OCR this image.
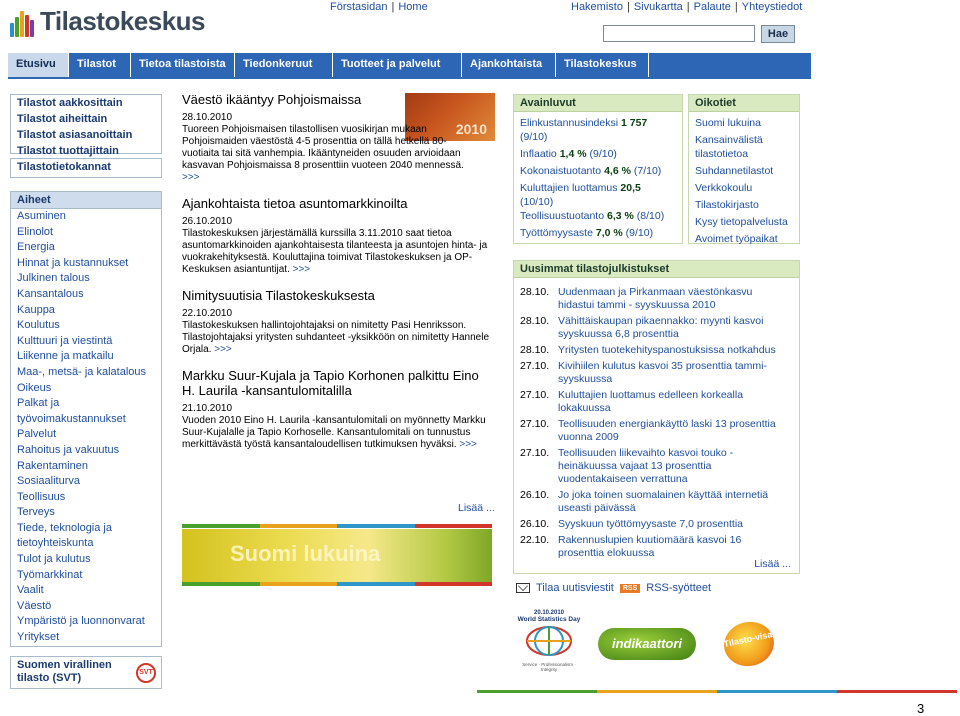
Tilastokeskus	Förstasidan | Home	Hakemisto | Sivukartta | Palaute | Yhteystiedot
Hae
Etusivu	Tilastot	Tietoa tilastoista	Tiedonkeruut	Tuotteet ja palvelut	Ajankohtaista	Tilastokeskus
Tilastot aakkosittain
Tilastot aiheittain
Tilastot asiasanoittain
Tilastot tuottajittain
Tilastotietokannat
Aiheet
Asuminen
Elinolot
Energia
Hinnat ja kustannukset
Julkinen talous
Kansantalous
Kauppa
Koulutus
Kulttuuri ja viestintä
Liikenne ja matkailu
Maa-, metsä- ja kalatalous
Oikeus
Palkat ja
työvoimakustannukset
Palvelut
Rahoitus ja vakuutus
Rakentaminen
Sosiaaliturva
Teollisuus
Terveys
Tiede, teknologia ja
tietoyhteiskunta
Tulot ja kulutus
Työmarkkinat
Vaalit
Väestö
Ympäristö ja luonnonvarat
Yritykset
Suomen virallinen
tilasto (SVT)	SVT
2010
Väestö ikääntyy Pohjoismaissa
28.10.2010

Tuoreen Pohjoismaisen tilastollisen vuosikirjan mukaan Pohjoismaiden väestöstä 4-5 prosenttia on tällä hetkellä 80-vuotiaita tai sitä vanhempia. Ikääntyneiden osuuden arvioidaan kasvavan Pohjoismaissa 8 prosenttiin vuoteen 2040 mennessä. >>>

Ajankohtaista tietoa asuntomarkkinoilta
26.10.2010

Tilastokeskuksen järjestämällä kurssilla 3.11.2010 saat tietoa asuntomarkkinoiden ajankohtaisesta tilanteesta ja asuntojen hinta- ja vuokrakehityksestä. Kouluttajina toimivat Tilastokeskuksen ja OP-Keskuksen asiantuntijat. >>>

Nimitysuutisia Tilastokeskuksesta
22.10.2010

Tilastokeskuksen hallintojohtajaksi on nimitetty Pasi Henriksson. Tilastojohtajaksi yritysten suhdanteet -yksikköön on nimitetty Hannele Orjala. >>>

Markku Suur-Kujala ja Tapio Korhonen palkittu Eino H. Laurila -kansantulomitalilla
21.10.2010

Vuoden 2010 Eino H. Laurila -kansantulomitali on myönnetty Markku Suur-Kujalalle ja Tapio Korhoselle. Kansantulomitali on tunnustus merkittävästä työstä kansantaloudellisen tutkimuksen hyväksi. >>>

Lisää ...
Suomi lukuina
Avainluvut
Elinkustannusindeksi 1 757 (9/10)
Inflaatio 1,4 % (9/10)
Kokonaistuotanto 4,6 % (7/10)
Kuluttajien luottamus 20,5 (10/10)
Teollisuustuotanto 6,3 % (8/10)
Työttömyysaste 7,0 % (9/10)
Oikotiet
Suomi lukuina
Kansainvälistä
tilastotietoa
Suhdannetilastot
Verkkokoulu
Tilastokirjasto
Kysy tietopalvelusta
Avoimet työpaikat
Uusimmat tilastojulkistukset
28.10. Uudenmaan ja Pirkanmaan väestönkasvu
hidastui tammi - syyskuussa 2010
28.10. Vähittäiskaupan pikaennakko: myynti kasvoi
syyskuussa 6,8 prosenttia
28.10. Yritysten tuotekehityspanostuksissa notkahdus
27.10. Kivihiilen kulutus kasvoi 35 prosenttia tammi-
syyskuussa
27.10. Kuluttajien luottamus edelleen korkealla
lokakuussa
27.10. Teollisuuden energiankäyttö laski 13 prosenttia
vuonna 2009
27.10. Teollisuuden liikevaihto kasvoi touko -
heinäkuussa vajaat 13 prosenttia
vuodentakaiseen verrattuna
26.10. Jo joka toinen suomalainen käyttää internetiä
useasti päivässä
26.10. Syyskuun työttömyysaste 7,0 prosenttia
22.10. Rakennuslupien kuutiomäärä kasvoi 16
prosenttia elokuussa
Lisää ...
Tilaa uutisviestit	RSS RSS-syötteet
20.10.2010
World Statistics Day
Service · Professionalism · Integrity
indikaattori	Tilasto-visa
3
